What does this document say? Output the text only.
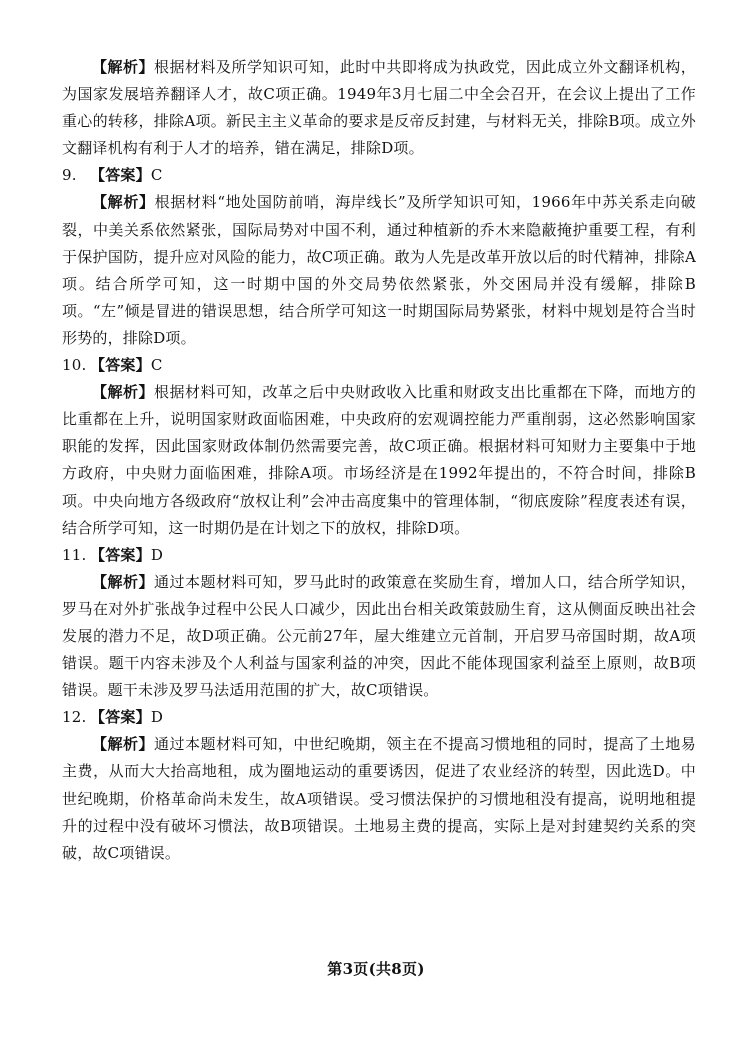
【解析】根据材料及所学知识可知，此时中共即将成为执政党，因此成立外文翻译机构，为国家发展培养翻译人才，故C项正确。1949年3月七届二中全会召开，在会议上提出了工作重心的转移，排除A项。新民主主义革命的要求是反帝反封建，与材料无关，排除B项。成立外文翻译机构有利于人才的培养，错在满足，排除D项。

9. 【答案】C

【解析】根据材料“地处国防前哨，海岸线长”及所学知识可知，1966年中苏关系走向破裂，中美关系依然紧张，国际局势对中国不利，通过种植新的乔木来隐蔽掩护重要工程，有利于保护国防，提升应对风险的能力，故C项正确。敢为人先是改革开放以后的时代精神，排除A项。结合所学可知，这一时期中国的外交局势依然紧张，外交困局并没有缓解，排除B项。“左”倾是冒进的错误思想，结合所学可知这一时期国际局势紧张，材料中规划是符合当时形势的，排除D项。

10. 【答案】C

【解析】根据材料可知，改革之后中央财政收入比重和财政支出比重都在下降，而地方的比重都在上升，说明国家财政面临困难，中央政府的宏观调控能力严重削弱，这必然影响国家职能的发挥，因此国家财政体制仍然需要完善，故C项正确。根据材料可知财力主要集中于地方政府，中央财力面临困难，排除A项。市场经济是在1992年提出的，不符合时间，排除B项。中央向地方各级政府“放权让利”会冲击高度集中的管理体制，“彻底废除”程度表述有误，结合所学可知，这一时期仍是在计划之下的放权，排除D项。

11. 【答案】D

【解析】通过本题材料可知，罗马此时的政策意在奖励生育，增加人口，结合所学知识，罗马在对外扩张战争过程中公民人口减少，因此出台相关政策鼓励生育，这从侧面反映出社会发展的潜力不足，故D项正确。公元前27年，屋大维建立元首制，开启罗马帝国时期，故A项错误。题干内容未涉及个人利益与国家利益的冲突，因此不能体现国家利益至上原则，故B项错误。题干未涉及罗马法适用范围的扩大，故C项错误。

12. 【答案】D

【解析】通过本题材料可知，中世纪晚期，领主在不提高习惯地租的同时，提高了土地易主费，从而大大抬高地租，成为圈地运动的重要诱因，促进了农业经济的转型，因此选D。中世纪晚期，价格革命尚未发生，故A项错误。受习惯法保护的习惯地租没有提高，说明地租提升的过程中没有破坏习惯法，故B项错误。土地易主费的提高，实际上是对封建契约关系的突破，故C项错误。

第3页(共8页)
